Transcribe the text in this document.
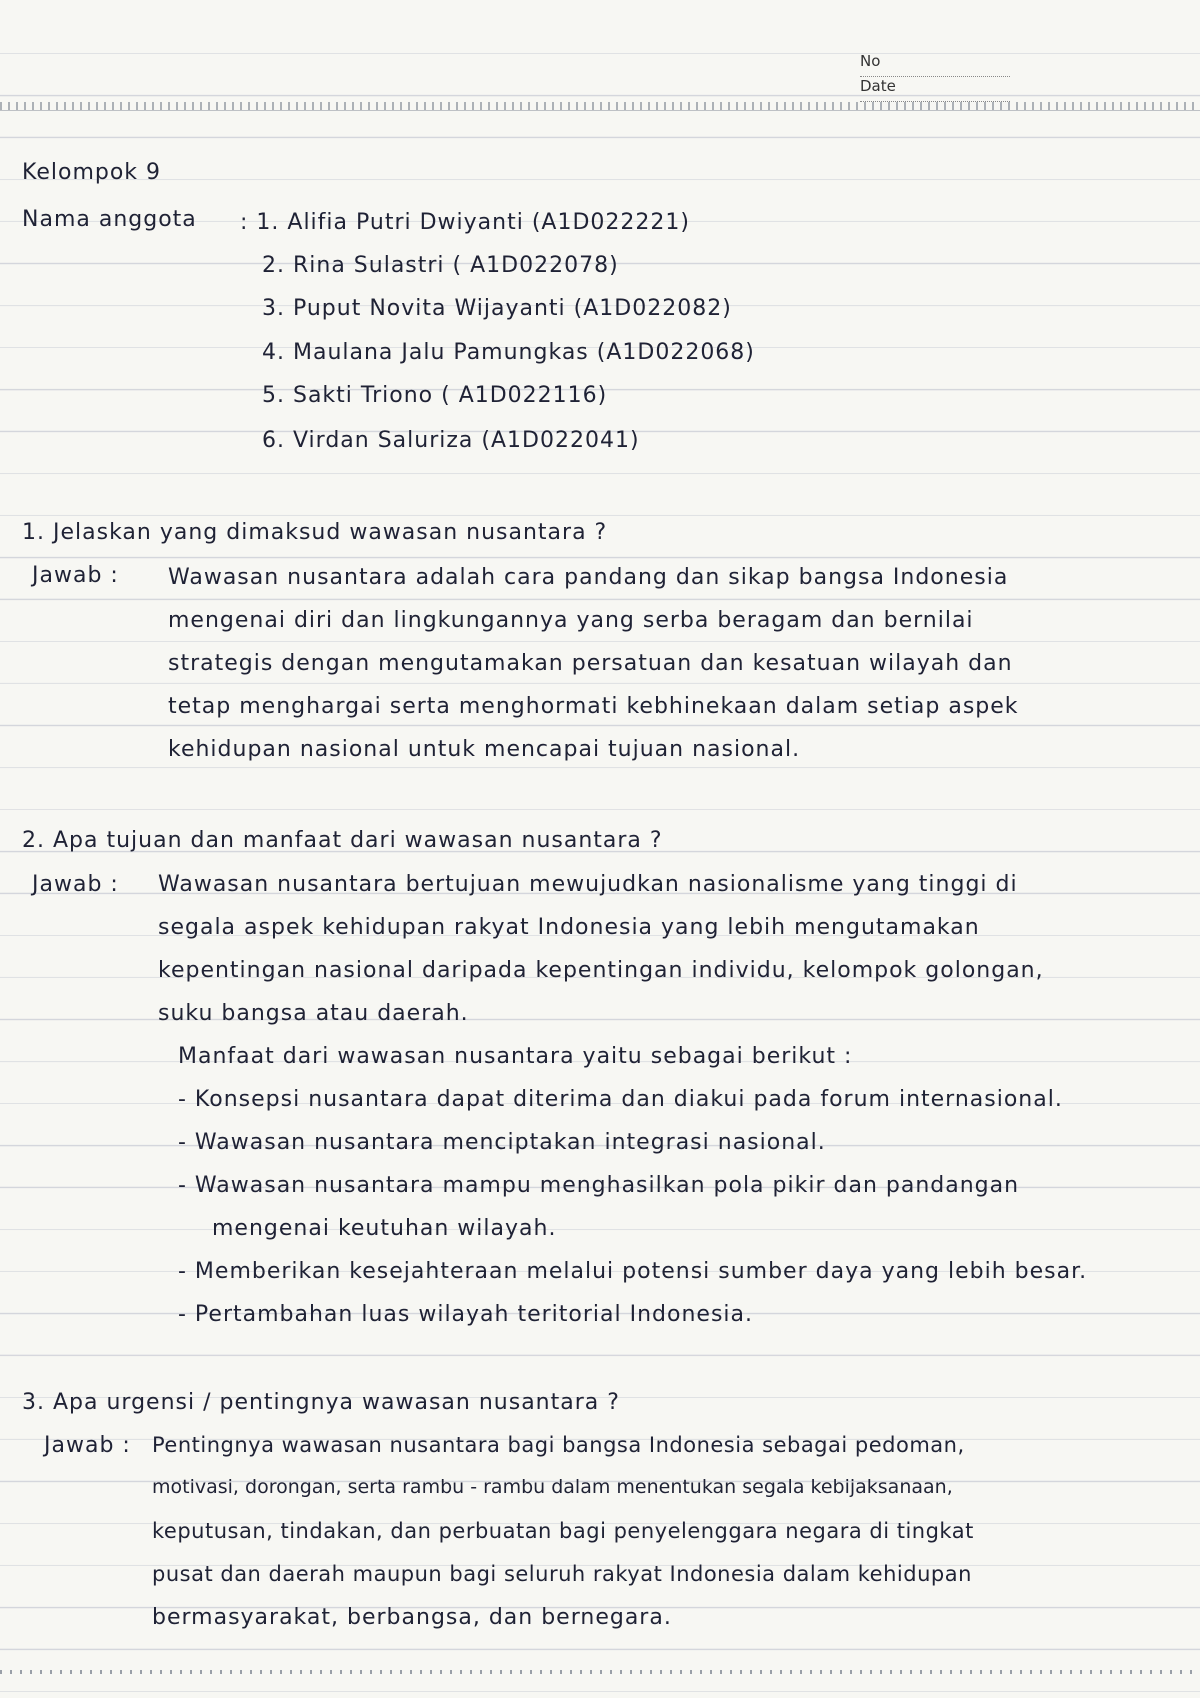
No
Date
Kelompok 9
Nama anggota : 1. Alifia Putri Dwiyanti (A1D022221)
2. Rina Sulastri ( A1D022078)
3. Puput Novita Wijayanti (A1D022082)
4. Maulana Jalu Pamungkas (A1D022068)
5. Sakti Triono ( A1D022116)
6. Virdan Saluriza (A1D022041)
1. Jelaskan yang dimaksud wawasan nusantara ?
Jawab : Wawasan nusantara adalah cara pandang dan sikap bangsa Indonesia
mengenai diri dan lingkungannya yang serba beragam dan bernilai
strategis dengan mengutamakan persatuan dan kesatuan wilayah dan
tetap menghargai serta menghormati kebhinekaan dalam setiap aspek
kehidupan nasional untuk mencapai tujuan nasional.
2. Apa tujuan dan manfaat dari wawasan nusantara ?
Jawab : Wawasan nusantara bertujuan mewujudkan nasionalisme yang tinggi di
segala aspek kehidupan rakyat Indonesia yang lebih mengutamakan
kepentingan nasional daripada kepentingan individu, kelompok golongan,
suku bangsa atau daerah.
Manfaat dari wawasan nusantara yaitu sebagai berikut :
- Konsepsi nusantara dapat diterima dan diakui pada forum internasional.
- Wawasan nusantara menciptakan integrasi nasional.
- Wawasan nusantara mampu menghasilkan pola pikir dan pandangan
mengenai keutuhan wilayah.
- Memberikan kesejahteraan melalui potensi sumber daya yang lebih besar.
- Pertambahan luas wilayah teritorial Indonesia.
3. Apa urgensi / pentingnya wawasan nusantara ?
Jawab : Pentingnya wawasan nusantara bagi bangsa Indonesia sebagai pedoman,
motivasi, dorongan, serta rambu - rambu dalam menentukan segala kebijaksanaan,
keputusan, tindakan, dan perbuatan bagi penyelenggara negara di tingkat
pusat dan daerah maupun bagi seluruh rakyat Indonesia dalam kehidupan
bermasyarakat, berbangsa, dan bernegara.
